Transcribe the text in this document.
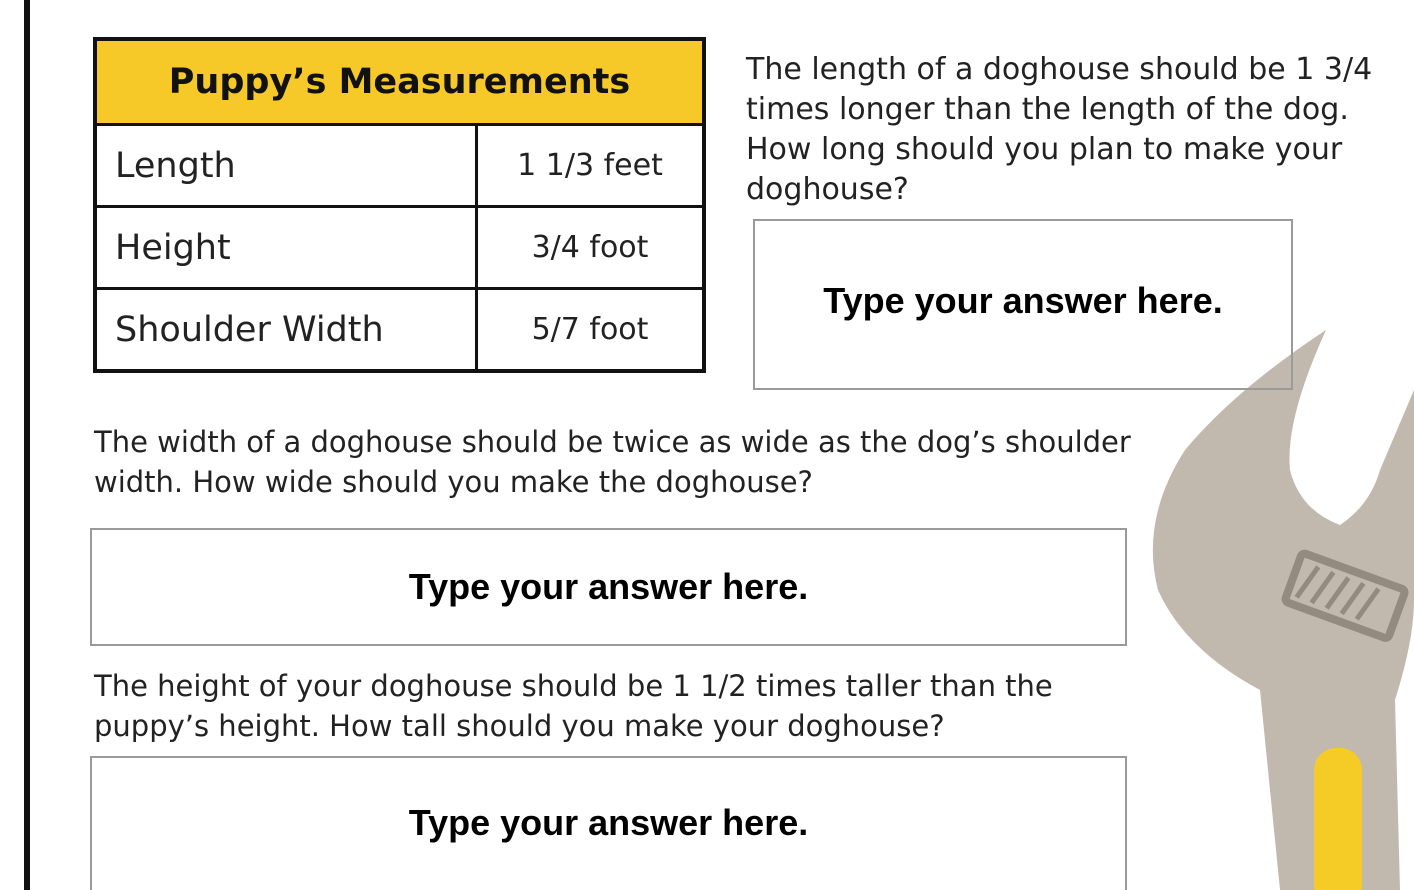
Puppy’s Measurements	
Length	1 1/3 feet
Height	3/4 foot
Shoulder Width	5/7 foot

The length of a doghouse should be 1 3/4 times longer than the length of the dog. How long should you plan to make your doghouse?

Type your answer here.

The width of a doghouse should be twice as wide as the dog’s shoulder width. How wide should you make the doghouse?

Type your answer here.

The height of your doghouse should be 1 1/2 times taller than the puppy’s height. How tall should you make your doghouse?

Type your answer here.
